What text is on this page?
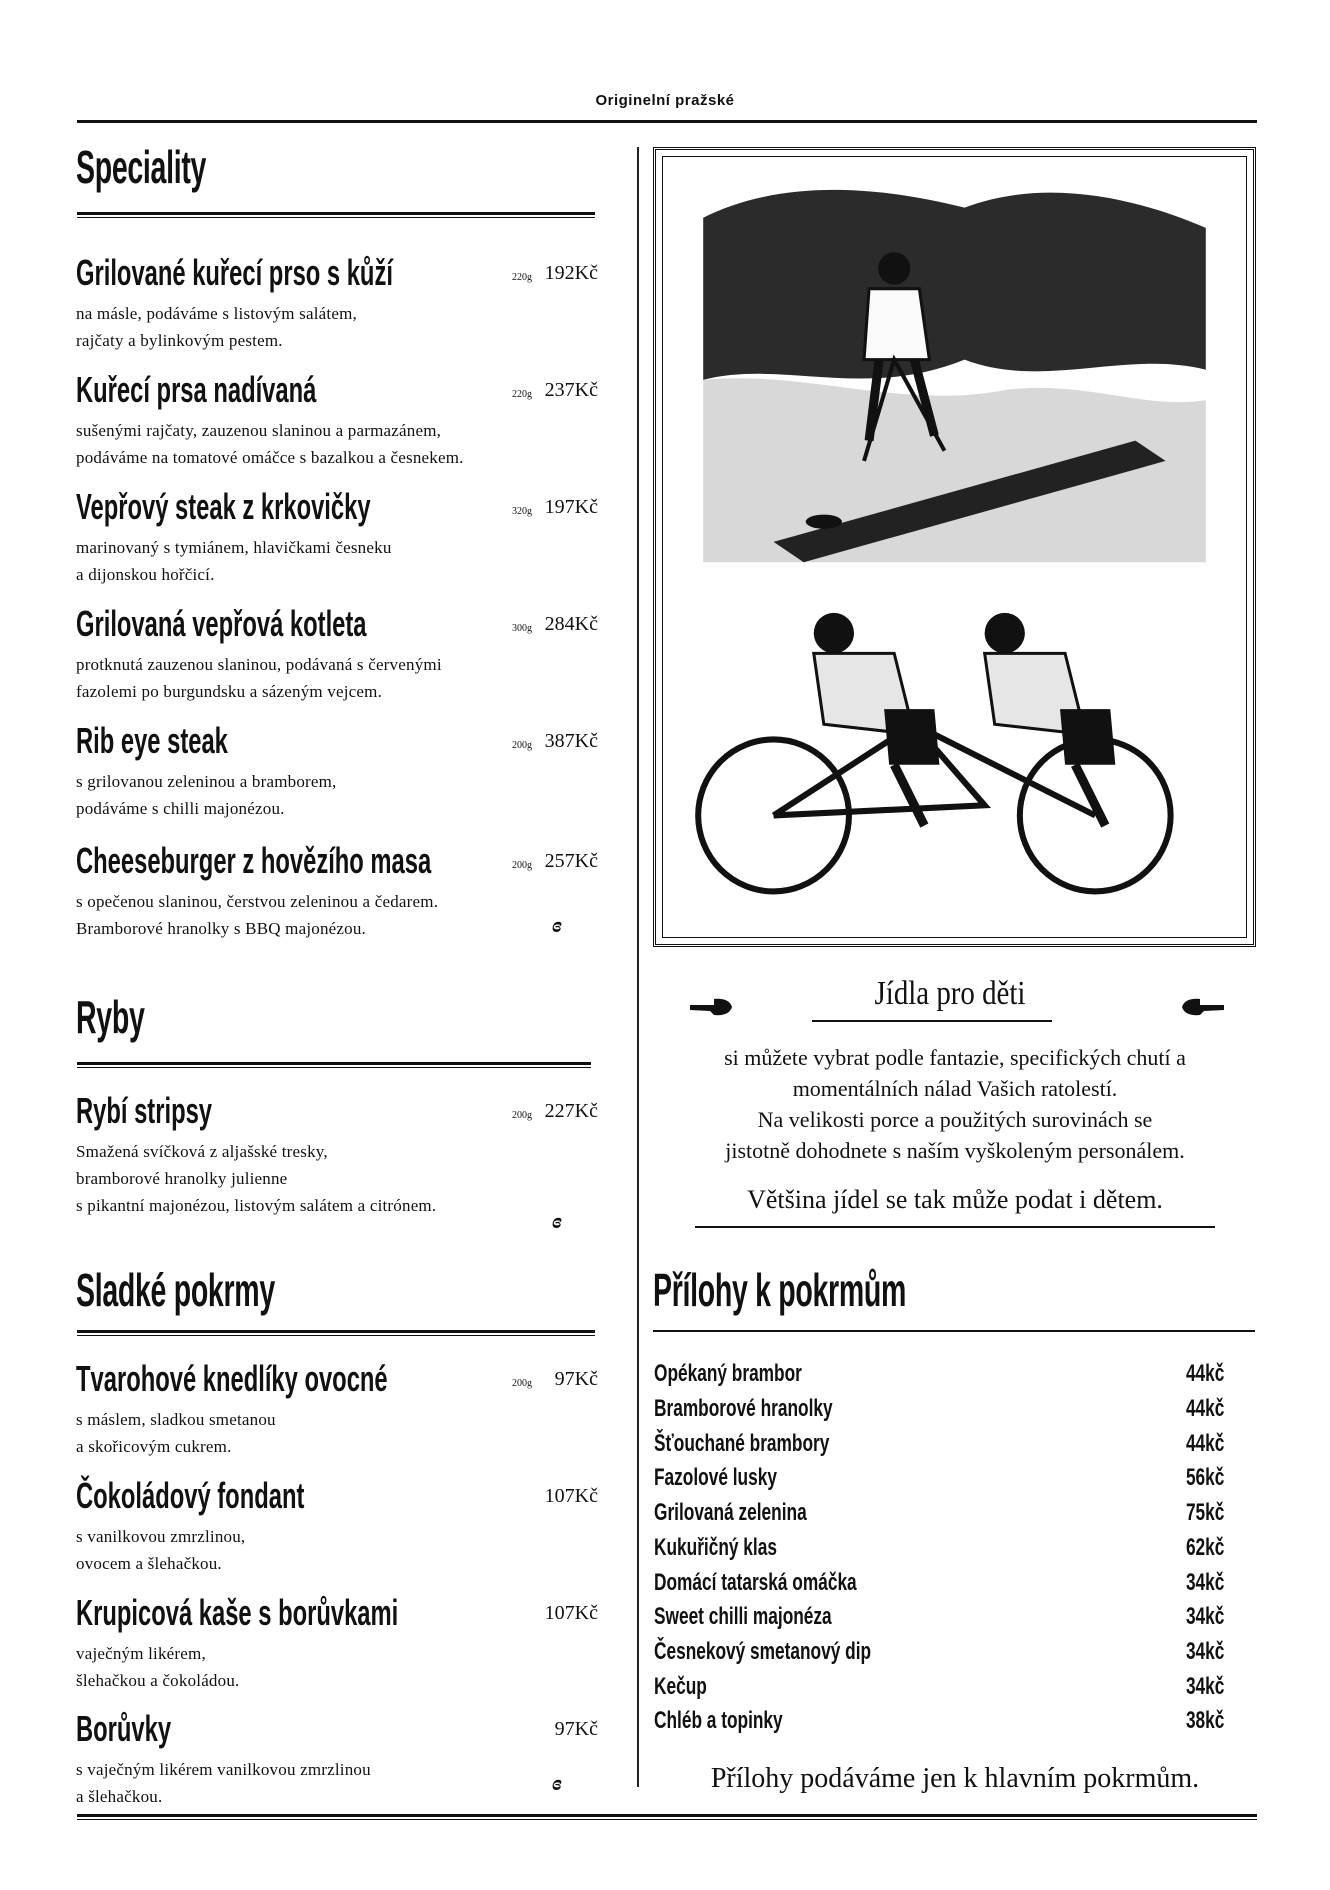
Originelní pražské
Speciality
Grilované kuřecí prso s kůží	220g 192Kč
na másle, podáváme s listovým salátem,
rajčaty a bylinkovým pestem.
Kuřecí prsa nadívaná	220g 237Kč
sušenými rajčaty, zauzenou slaninou a parmazánem,
podáváme na tomatové omáčce s bazalkou a česnekem.
Vepřový steak z krkovičky	320g 197Kč
marinovaný s tymiánem, hlavičkami česneku
a dijonskou hořčicí.
Grilovaná vepřová kotleta	300g 284Kč
protknutá zauzenou slaninou, podávaná s červenými
fazolemi po burgundsku a sázeným vejcem.
Rib eye steak	200g 387Kč
s grilovanou zeleninou a bramborem,
podáváme s chilli majonézou.
Cheeseburger z hovězího masa	200g 257Kč
s opečenou slaninou, čerstvou zeleninou a čedarem.
Bramborové hranolky s BBQ majonézou.	ɞ
Ryby
Rybí stripsy	200g 227Kč
Smažená svíčková z aljašské tresky,
bramborové hranolky julienne
s pikantní majonézou, listovým salátem a citrónem.
ɞ
Sladké pokrmy
Tvarohové knedlíky ovocné	200g 97Kč
s máslem, sladkou smetanou
a skořicovým cukrem.
Čokoládový fondant	107Kč
s vanilkovou zmrzlinou,
ovocem a šlehačkou.
Krupicová kaše s borůvkami	107Kč
vaječným likérem,
šlehačkou a čokoládou.
Borůvky	97Kč
s vaječným likérem vanilkovou zmrzlinou
a šlehačkou.
ɞ
Jídla pro děti
si můžete vybrat podle fantazie, specifických chutí a
momentálních nálad Vašich ratolestí.
Na velikosti porce a použitých surovinách se
jistotně dohodnete s naším vyškoleným personálem.
Většina jídel se tak může podat i dětem.
Přílohy k pokrmům
Opékaný brambor	44kč
Bramborové hranolky	44kč
Šťouchané brambory	44kč
Fazolové lusky	56kč
Grilovaná zelenina	75kč
Kukuřičný klas	62kč
Domácí tatarská omáčka	34kč
Sweet chilli majonéza	34kč
Česnekový smetanový dip	34kč
Kečup	34kč
Chléb a topinky	38kč
Přílohy podáváme jen k hlavním pokrmům.
